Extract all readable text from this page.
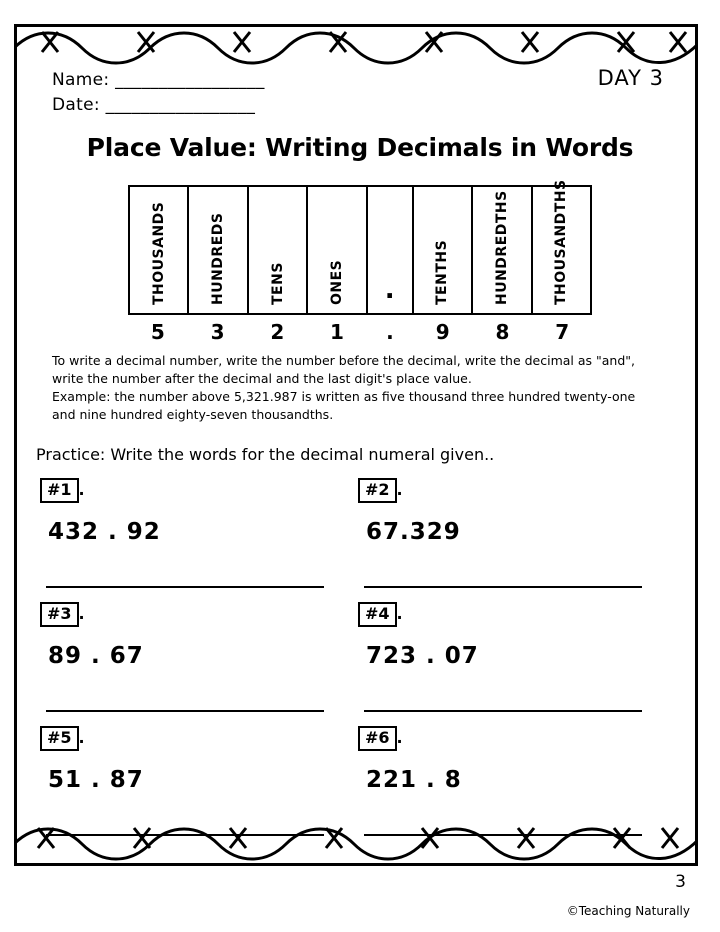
Name: _________________
Date: _________________
DAY 3
Place Value: Writing Decimals in Words
THOUSANDS	HUNDREDS	TENS	ONES	.	TENTHS	HUNDREDTHS	THOUSANDTHS
5	3	2	1	.	9	8	7

To write a decimal number, write the number before the decimal, write the decimal as "and",

write the number after the decimal and the last digit's place value.

Example: the number above 5,321.987 is written as five thousand three hundred twenty-one

and nine hundred eighty-seven thousandths.

Practice: Write the words for the decimal numeral given..
#1 .
432 . 92
#2 .
67.329
#3 .
89 . 67
#4 .
723 . 07
#5 .
51 . 87
#6 .
221 . 8
3
©Teaching Naturally
